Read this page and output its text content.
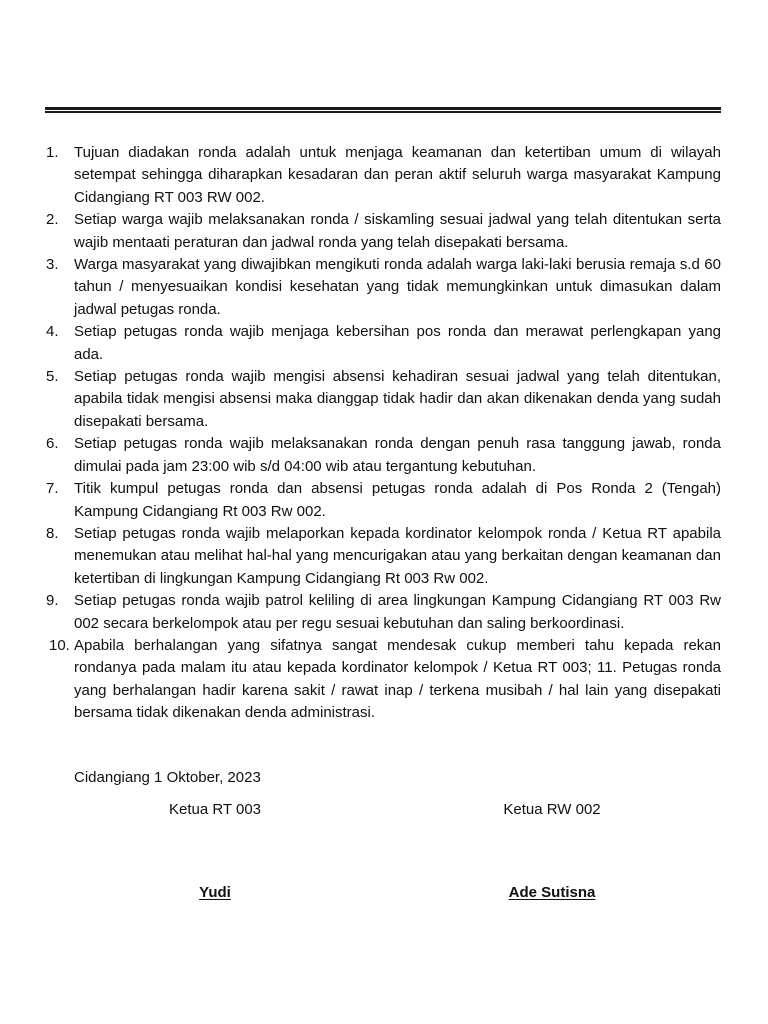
1.	Tujuan diadakan ronda adalah untuk menjaga keamanan dan ketertiban umum di wilayah setempat sehingga diharapkan kesadaran dan peran aktif seluruh warga masyarakat Kampung Cidangiang RT 003 RW 002.
2.	Setiap warga wajib melaksanakan ronda / siskamling sesuai jadwal yang telah ditentukan serta wajib mentaati peraturan dan jadwal ronda yang telah disepakati bersama.
3.	Warga masyarakat yang diwajibkan mengikuti ronda adalah warga laki-laki berusia remaja s.d 60 tahun / menyesuaikan kondisi kesehatan yang tidak memungkinkan untuk dimasukan dalam jadwal petugas ronda.
4.	Setiap petugas ronda wajib menjaga kebersihan pos ronda dan merawat perlengkapan yang ada.
5.	Setiap petugas ronda wajib mengisi absensi kehadiran sesuai jadwal yang telah ditentukan, apabila tidak mengisi absensi maka dianggap tidak hadir dan akan dikenakan denda yang sudah disepakati bersama.
6.	Setiap petugas ronda wajib melaksanakan ronda dengan penuh rasa tanggung jawab, ronda dimulai pada jam 23:00 wib s/d 04:00 wib atau tergantung kebutuhan.
7.	Titik kumpul petugas ronda dan absensi petugas ronda adalah di Pos Ronda 2 (Tengah) Kampung Cidangiang Rt 003 Rw 002.
8.	Setiap petugas ronda wajib melaporkan kepada kordinator kelompok ronda / Ketua RT apabila menemukan atau melihat hal-hal yang mencurigakan atau yang berkaitan dengan keamanan dan ketertiban di lingkungan Kampung Cidangiang Rt 003 Rw 002.
9.	Setiap petugas ronda wajib patrol keliling di area lingkungan Kampung Cidangiang RT 003 Rw 002 secara berkelompok atau per regu sesuai kebutuhan dan saling berkoordinasi.
10. Apabila berhalangan yang sifatnya sangat mendesak cukup memberi tahu kepada rekan rondanya pada malam itu atau kepada kordinator kelompok / Ketua RT 003; 11. Petugas ronda yang berhalangan hadir karena sakit / rawat inap / terkena musibah / hal lain yang disepakati bersama tidak dikenakan denda administrasi.
Cidangiang 1 Oktober, 2023
Ketua RT 003	Ketua RW 002
Yudi	Ade Sutisna
